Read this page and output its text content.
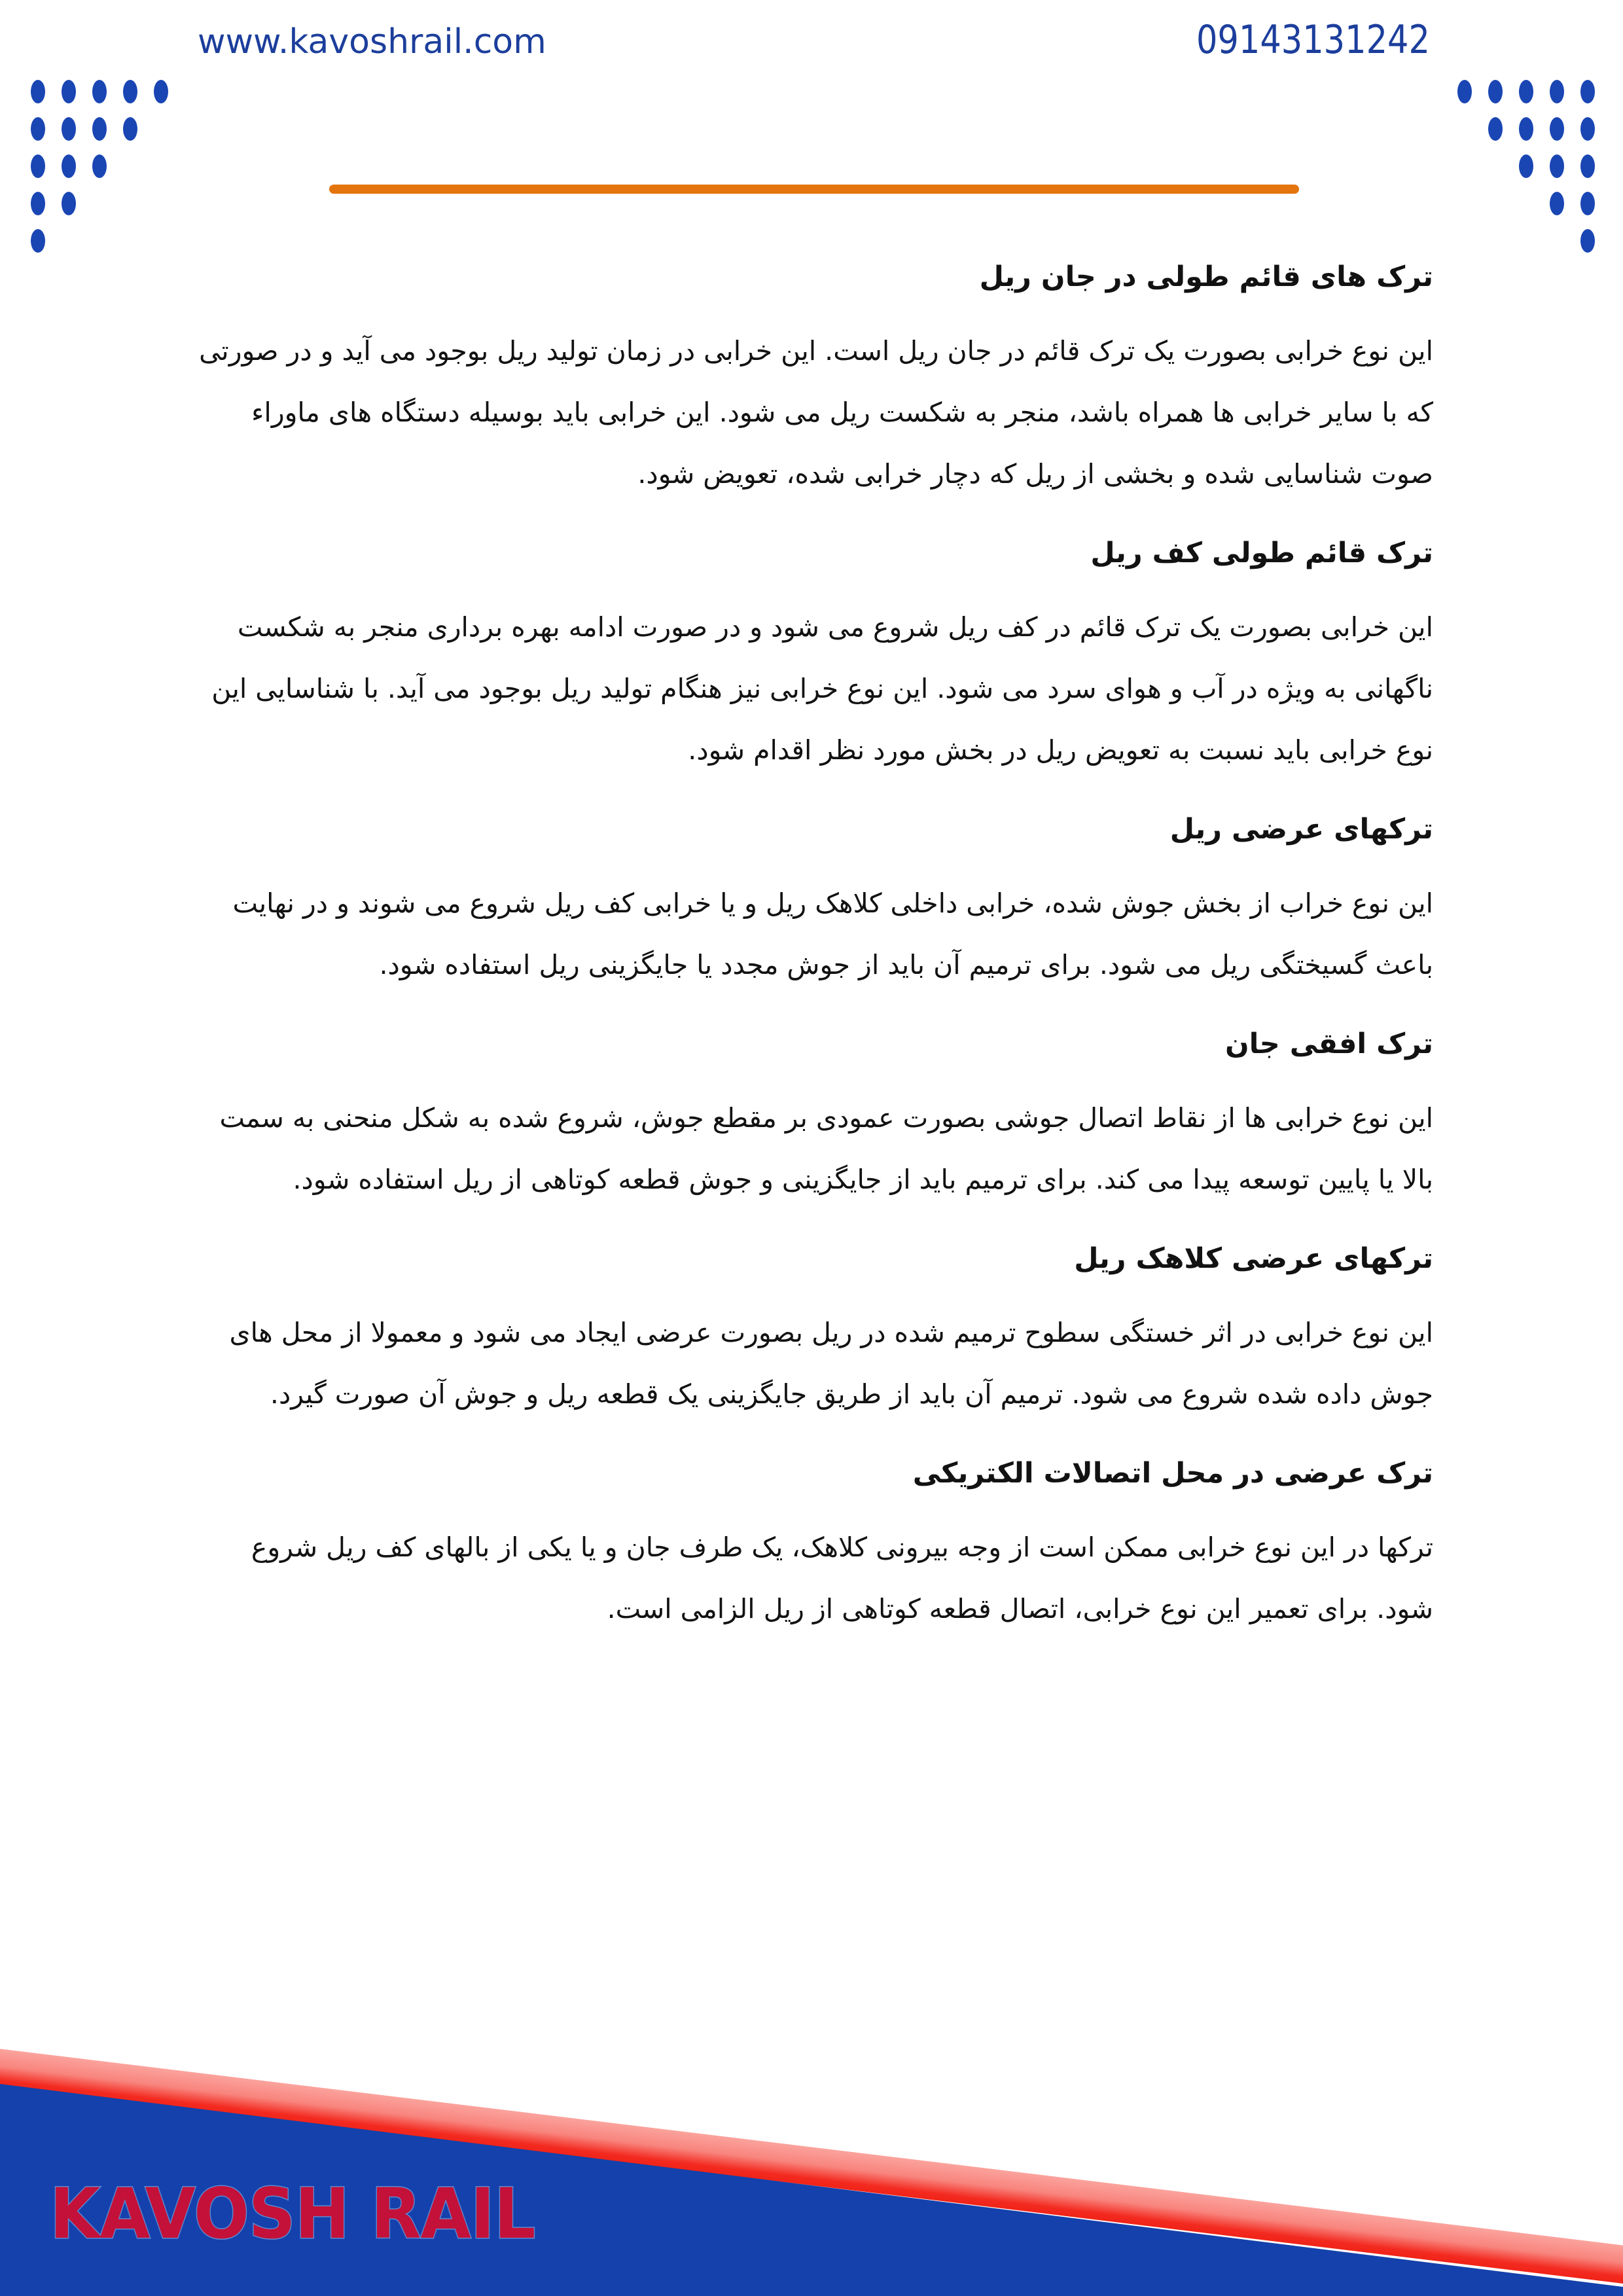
www.kavoshrail.com	09143131242
ترک های قائم طولی در جان ریل

این نوع خرابی بصورت یک ترک قائم در جان ریل است. این خرابی در زمان تولید ریل بوجود می آید و در صورتی که با سایر خرابی ها همراه باشد، منجر به شکست ریل می شود. این خرابی باید بوسیله دستگاه های ماوراء صوت شناسایی شده و بخشی از ریل که دچار خرابی شده، تعویض شود.

ترک قائم طولی کف ریل

این خرابی بصورت یک ترک قائم در کف ریل شروع می شود و در صورت ادامه بهره برداری منجر به شکست ناگهانی به ویژه در آب و هوای سرد می شود. این نوع خرابی نیز هنگام تولید ریل بوجود می آید. با شناسایی این نوع خرابی باید نسبت به تعویض ریل در بخش مورد نظر اقدام شود.

ترکهای عرضی ریل

این نوع خراب از بخش جوش شده، خرابی داخلی کلاهک ریل و یا خرابی کف ریل شروع می شوند و در نهایت باعث گسیختگی ریل می شود. برای ترمیم آن باید از جوش مجدد یا جایگزینی ریل استفاده شود.

ترک افقی جان

این نوع خرابی ها از نقاط اتصال جوشی بصورت عمودی بر مقطع جوش، شروع شده به شکل منحنی به سمت بالا یا پایین توسعه پیدا می کند. برای ترمیم باید از جایگزینی و جوش قطعه کوتاهی از ریل استفاده شود.

ترکهای عرضی کلاهک ریل

این نوع خرابی در اثر خستگی سطوح ترمیم شده در ریل بصورت عرضی ایجاد می شود و معمولا از محل های جوش داده شده شروع می شود. ترمیم آن باید از طریق جایگزینی یک قطعه ریل و جوش آن صورت گیرد.

ترک عرضی در محل اتصالات الکتریکی

ترکها در این نوع خرابی ممکن است از وجه بیرونی کلاهک، یک طرف جان و یا یکی از بالهای کف ریل شروع شود. برای تعمیر این نوع خرابی، اتصال قطعه کوتاهی از ریل الزامی است.

KAVOSH RAIL
